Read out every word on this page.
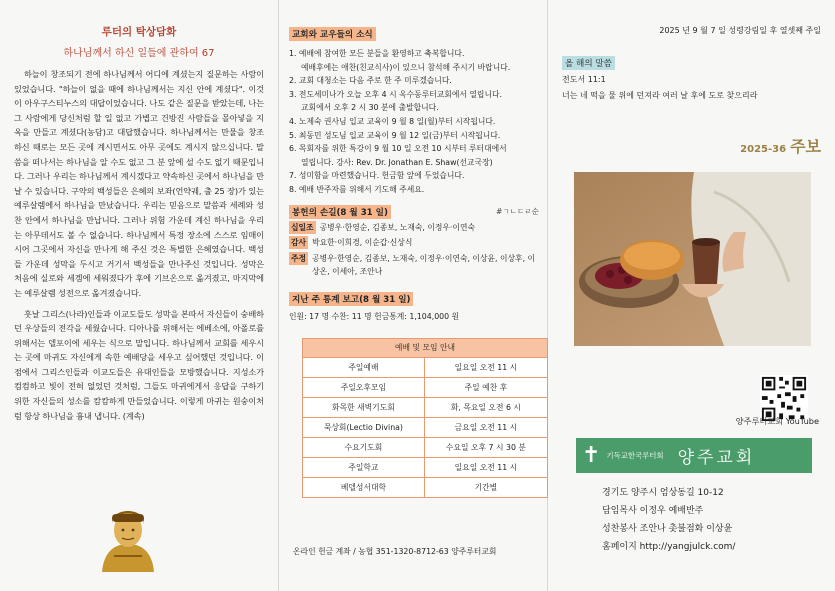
루터의 탁상담화
하나님께서 하신 일들에 관하여 67

하늘이 창조되기 전에 하나님께서 어디에 계셨는지 질문하는 사람이 있었습니다. "하늘이 없을 때에 하나님께서는 지신 안에 계셨다". 이것이 아우구스티누스의 대답이었습니다. 나도 같은 질문을 받았는데, 나는 그 사람에게 당신처럼 할 일 없고 가볍고 건방진 사람들을 몰아넣을 지옥을 만들고 계셨다(농담)고 대답했습니다. 하나님께서는 만물을 창조하신 때로는 모든 곳에 계시면서도 아무 곳에도 계시지 않으십니다. 말씀을 떠나서는 하나님을 알 수도 없고 그 분 앞에 설 수도 없기 때문입니다. 그러나 우리는 하나님께서 계시겠다고 약속하신 곳에서 하나님을 만날 수 있습니다. 구약의 백성들은 은혜의 보좌(언약궤, 출 25 장)가 있는 예루살렘에서 하나님을 만났습니다. 우리는 믿음으로 말씀과 세례와 성찬 안에서 하나님을 만납니다. 그러나 위험 가운데 계신 하나님을 우리는 아무데서도 볼 수 없습니다. 하나님께서 특정 장소에 스스로 임매이시어 그곳에서 자신을 만나게 해 주신 것은 특별한 은혜였습니다. 백성들 가운데 성막을 두시고 거기서 백성들을 만나주신 것입니다. 성막은 처음에 실로와 세겜에 세워졌다가 후에 기브온으로 옮겨졌고, 마지막에는 예루살렘 성전으로 옮겨졌습니다.

훗날 그리스(나라)인들과 이교도들도 성막을 본따서 자신들이 숭배하던 우상들의 전각을 세웠습니다. 디아나를 위해서는 에베소에, 아폴로를 위해서는 델포이에 세우는 식으로 말입니다. 하나님께서 교회를 세우시는 곳에 마귀도 자신에게 속한 예배당을 세우고 싶어했던 것입니다. 이 점에서 그리스인들과 이교도들은 유대인들을 모방했습니다. 지성소가 컴컴하고 빛이 전혀 없었던 것처럼, 그들도 마귀에게서 응답을 구하기 위한 자신들의 성소를 캄캄하게 만들었습니다. 이렇게 마귀는 원숭이처럼 항상 하나님을 흉내 냅니다. (계속)

교회와 교우들의 소식
1. 예배에 참여한 모든 분들을 환영하고 축복합니다.
예배후에는 애찬(친교식사)이 있으니 참석해 주시기 바랍니다.
2. 교회 대청소는 다음 주로 한 주 미루겠습니다.
3. 전도세미나가 오늘 오후 4 시 옥수동루터교회에서 열립니다.
교회에서 오후 2 시 30 분에 출발합니다.
4. 노제숙 권사님 입교 교육이 9 월 8 일(월)부터 시작됩니다.
5. 최동민 성도님 입교 교육이 9 월 12 일(금)부터 시작됩니다.
6. 목회자를 위한 특강이 9 월 10 일 오전 10 시부터 루터대에서
열립니다. 강사: Rev. Dr. Jonathan E. Shaw(선교국장)
7. 성미함을 마련했습니다. 헌금함 앞에 두었습니다.
8. 예배 반주자를 위해서 기도해 주세요.
봉헌의 손길(8 월 31 일)	#ㄱㄴㄷㄹ순
십일조 공병우·한영순, 김종보, 노재숙, 이정우·이연숙
감사 박요한·이희경, 이순갑·신상식
주정 공병우·한영순, 김종보, 노재숙, 이정우·이연숙, 이상윤, 이상후, 이상온, 이세아, 조안나
지난 주 통계 보고(8 월 31 일)
인원: 17 명 수찬: 11 명 헌금통계: 1,104,000 원
예배 및 모임 안내	
주일예배	일요일 오전 11 시
주일오후모임	주일 예찬 후
화목한 새벽기도회	화, 목요일 오전 6 시
묵상회(Lectio Divina)	금요일 오전 11 시
수요기도회	수요일 오후 7 시 30 분
주일학교	일요일 오전 11 시
베델성서대학	기간별
온라인 헌금 계좌 / 농협 351-1320-8712-63 양주루터교회
2025 년 9 월 7 일 성령강림일 후 열셋째 주일
올 해의 말씀
전도서 11:1
너는 네 떡을 물 위에 던져라 여러 날 후에 도로 찾으리라
2025-36 주보
양주루터교회 YouTube
✝ 기독교한국루터회 양주교회
경기도 양주시 엄상동길 10-12
담임목사 이정우 예배반주
성찬봉사 조안나 촛불점화 이상윤
홈페이지 http://yangjulck.com/
